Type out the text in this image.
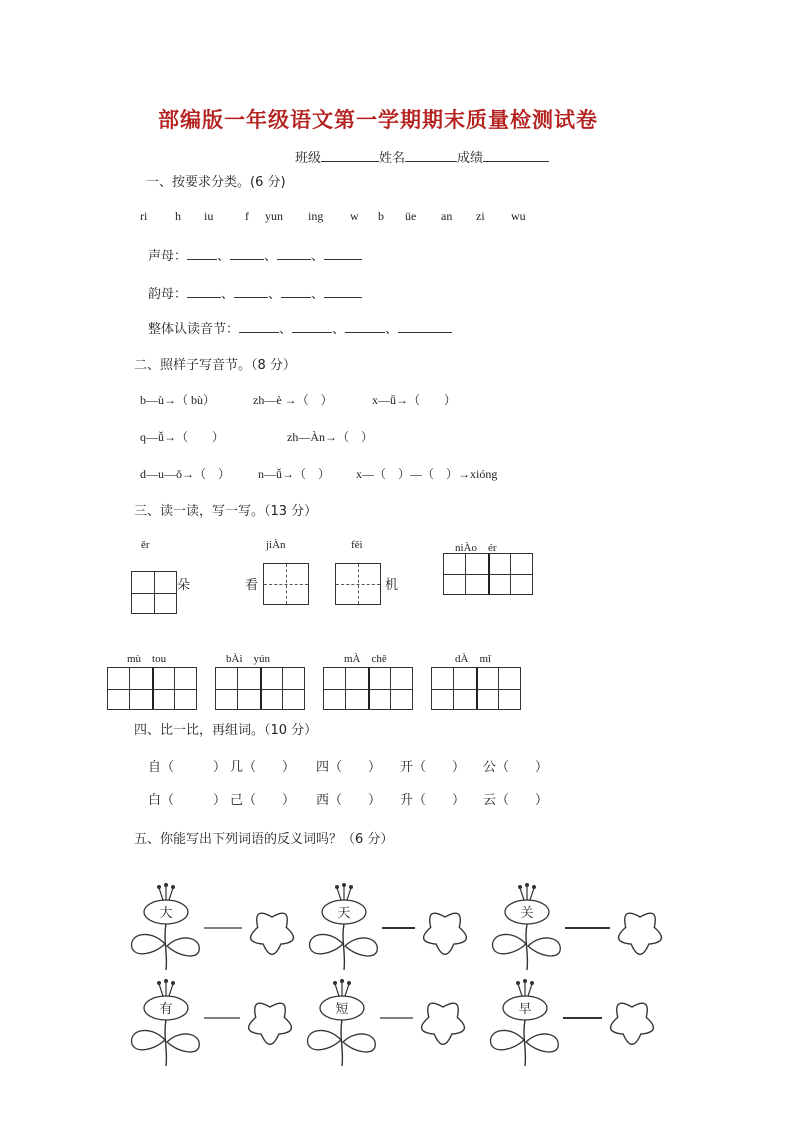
部编版一年级语文第一学期期末质量检测试卷
班级	姓名	成绩
一、按要求分类。(6 分)
ri h iu	f yun ing w b üe an zi wu
声母： 、	、	、
韵母：	、	、 、
整体认读音节：	、	、	、
二、照样子写音节。（8 分）
b—ù→（ bù）	zh—è →（　）	x—ǖ→（　　）
q—ǚ→（　　）	zh—Àn→（　）
d—u—ǒ→（　） n—ǚ→（　） x—（　）—（　）→xióng
三、读一读，写一写。（13 分）
ěr	jiÀn	fēi	niÀo　ér
朵	看	机
mù　tou	bÀi　yún	mÀ　chē	dÀ　mǐ
四、比一比，再组词。（10 分）
自（　　　） 几（　　） 四（　　） 开（　　） 公（　　）
白（　　　） 己（　　） 西（　　） 升（　　） 云（　　）
五、你能写出下列词语的反义词吗？（6 分）
大	天	关
有	短	早
